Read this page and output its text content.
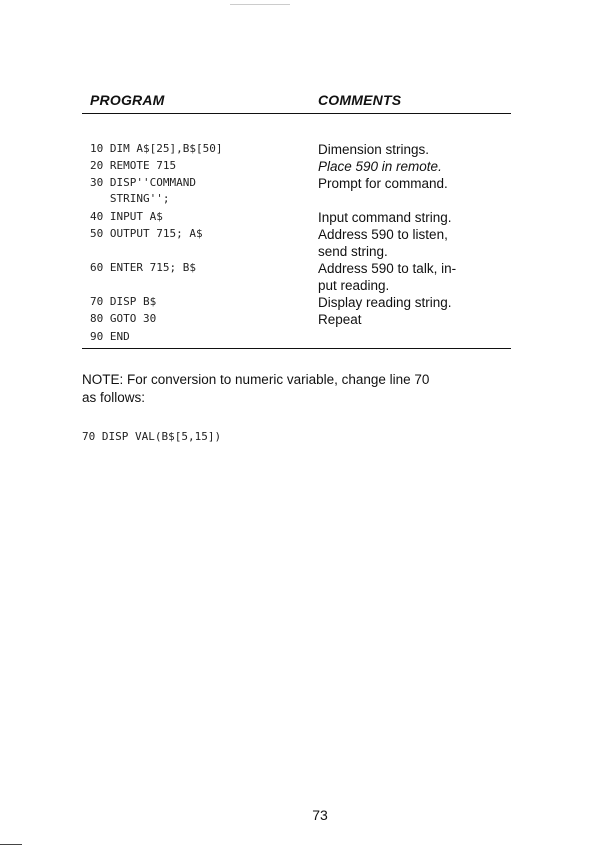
PROGRAM	COMMENTS
10 DIM A$[25],B$[50]
20 REMOTE 715
30 DISP''COMMAND
STRING'';
40 INPUT A$
50 OUTPUT 715; A$
60 ENTER 715; B$
70 DISP B$
80 GOTO 30
90 END
Dimension strings.
Place 590 in remote.
Prompt for command.
Input command string.
Address 590 to listen,
send string.
Address 590 to talk, in-
put reading.
Display reading string.
Repeat
NOTE: For conversion to numeric variable, change line 70
as follows:
70 DISP VAL(B$[5,15])
73
